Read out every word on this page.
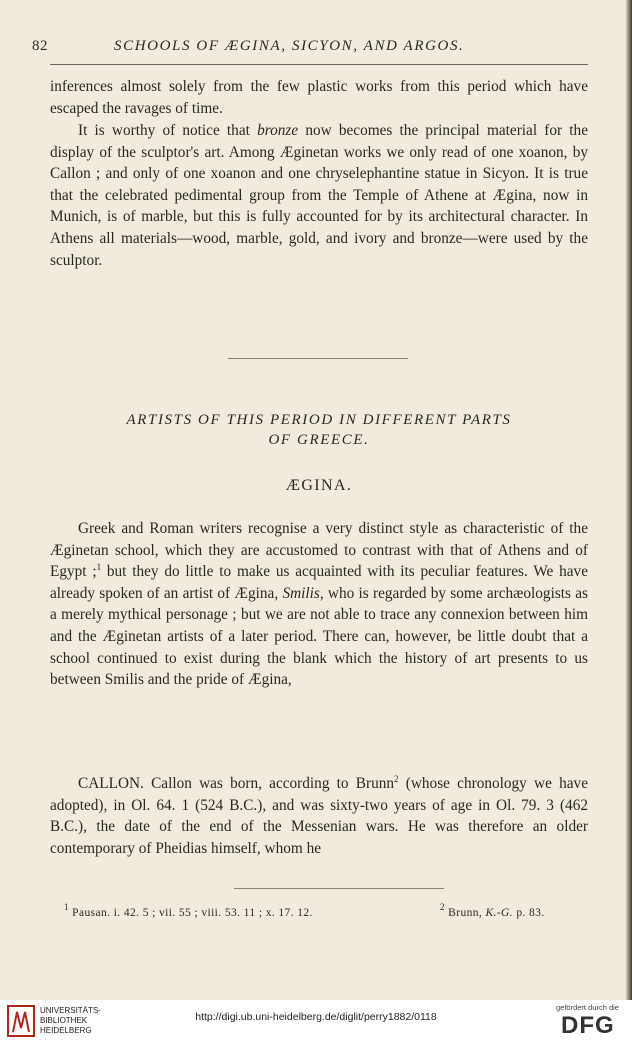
82	SCHOOLS OF ÆGINA, SICYON, AND ARGOS.

inferences almost solely from the few plastic works from this period which have escaped the ravages of time.

It is worthy of notice that bronze now becomes the principal material for the display of the sculptor's art. Among Æginetan works we only read of one xoanon, by Callon ; and only of one xoanon and one chryselephantine statue in Sicyon. It is true that the celebrated pedimental group from the Temple of Athene at Ægina, now in Munich, is of marble, but this is fully accounted for by its architectural character. In Athens all materials—wood, marble, gold, and ivory and bronze—were used by the sculptor.

ARTISTS OF THIS PERIOD IN DIFFERENT PARTS
OF GREECE.

ÆGINA.

Greek and Roman writers recognise a very distinct style as characteristic of the Æginetan school, which they are accustomed to contrast with that of Athens and of Egypt ;$^1$ but they do little to make us acquainted with its peculiar features. We have already spoken of an artist of Ægina, Smilis, who is regarded by some archæologists as a merely mythical personage ; but we are not able to trace any connexion between him and the Æginetan artists of a later period. There can, however, be little doubt that a school continued to exist during the blank which the history of art presents to us between Smilis and the pride of Ægina,

CALLON. Callon was born, according to Brunn$^2$ (whose chronology we have adopted), in Ol. 64. 1 (524 B.C.), and was sixty-two years of age in Ol. 79. 3 (462 B.C.), the date of the end of the Messenian wars. He was therefore an older contemporary of Pheidias himself, whom he

$^1$ Pausan. i. 42. 5 ; vii. 55 ; viii. 53. 11 ; x. 17. 12.	$^2$ Brunn, K.-G. p. 83.
UNIVERSITÄTS-
BIBLIOTHEK
HEIDELBERG
http://digi.ub.uni-heidelberg.de/diglit/perry1882/0118
gefördert durch die
DFG
